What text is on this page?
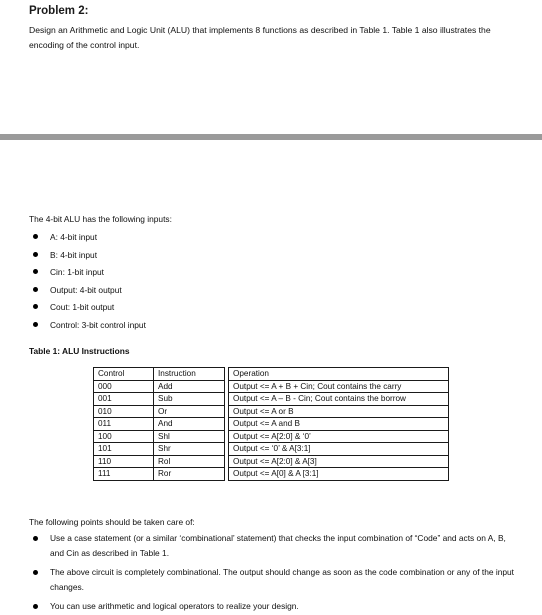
Problem 2:
Design an Arithmetic and Logic Unit (ALU) that implements 8 functions as described in Table 1. Table 1 also illustrates the encoding of the control input.
The 4-bit ALU has the following inputs:
A: 4-bit input
B: 4-bit input
Cin: 1-bit input
Output: 4-bit output
Cout: 1-bit output
Control: 3-bit control input
Table 1: ALU Instructions
Control	Instruction		Operation
000	Add		Output <= A + B + Cin; Cout contains the carry
001	Sub		Output <= A – B - Cin; Cout contains the borrow
010	Or		Output <= A or B
011	And		Output <= A and B
100	Shl		Output <= A[2:0] & ‘0’
101	Shr		Output <= ‘0’ & A[3:1]
110	Rol		Output <= A[2:0] & A[3]
111	Ror		Output <= A[0] & A [3:1]
The following points should be taken care of:
Use a case statement (or a similar ‘combinational’ statement) that checks the input combination of “Code” and acts on A, B, and Cin as described in Table 1.
The above circuit is completely combinational. The output should change as soon as the code combination or any of the input changes.
You can use arithmetic and logical operators to realize your design.
